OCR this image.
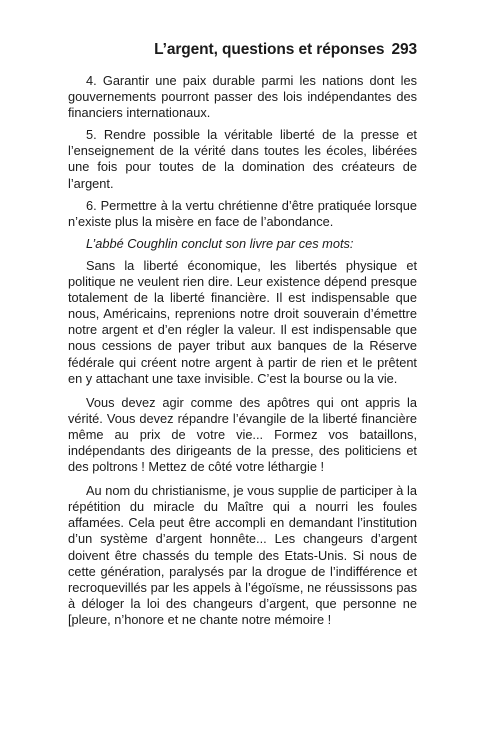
L’argent, questions et réponses 293

4. Garantir une paix durable parmi les nations dont les gouvernements pourront passer des lois indépendantes des financiers internationaux.

5. Rendre possible la véritable liberté de la presse et l’enseignement de la vérité dans toutes les écoles, libérées une fois pour toutes de la domination des créateurs de l’argent.

6. Permettre à la vertu chrétienne d’être pratiquée lorsque n’existe plus la misère en face de l’abondance.

L’abbé Coughlin conclut son livre par ces mots:

Sans la liberté économique, les libertés physique et politique ne veulent rien dire. Leur existence dépend presque totalement de la liberté financière. Il est indispensable que nous, Américains, reprenions notre droit souverain d’émettre notre argent et d’en régler la valeur. Il est indispensable que nous cessions de payer tribut aux banques de la Réserve fédérale qui créent notre argent à partir de rien et le prêtent en y attachant une taxe invisible. C’est la bourse ou la vie.

Vous devez agir comme des apôtres qui ont appris la vérité. Vous devez répandre l’évangile de la liberté financière même au prix de votre vie... Formez vos bataillons, indépendants des dirigeants de la presse, des politiciens et des poltrons ! Mettez de côté votre léthargie !

Au nom du christianisme, je vous supplie de participer à la répétition du miracle du Maître qui a nourri les foules affamées. Cela peut être accompli en demandant l’institution d’un système d’argent honnête... Les changeurs d’argent doivent être chassés du temple des Etats-Unis. Si nous de cette génération, paralysés par la drogue de l’indifférence et recroquevillés par les appels à l’égoïsme, ne réussissons pas à déloger la loi des changeurs d’argent, que personne ne [pleure, n’honore et ne chante notre mémoire !
